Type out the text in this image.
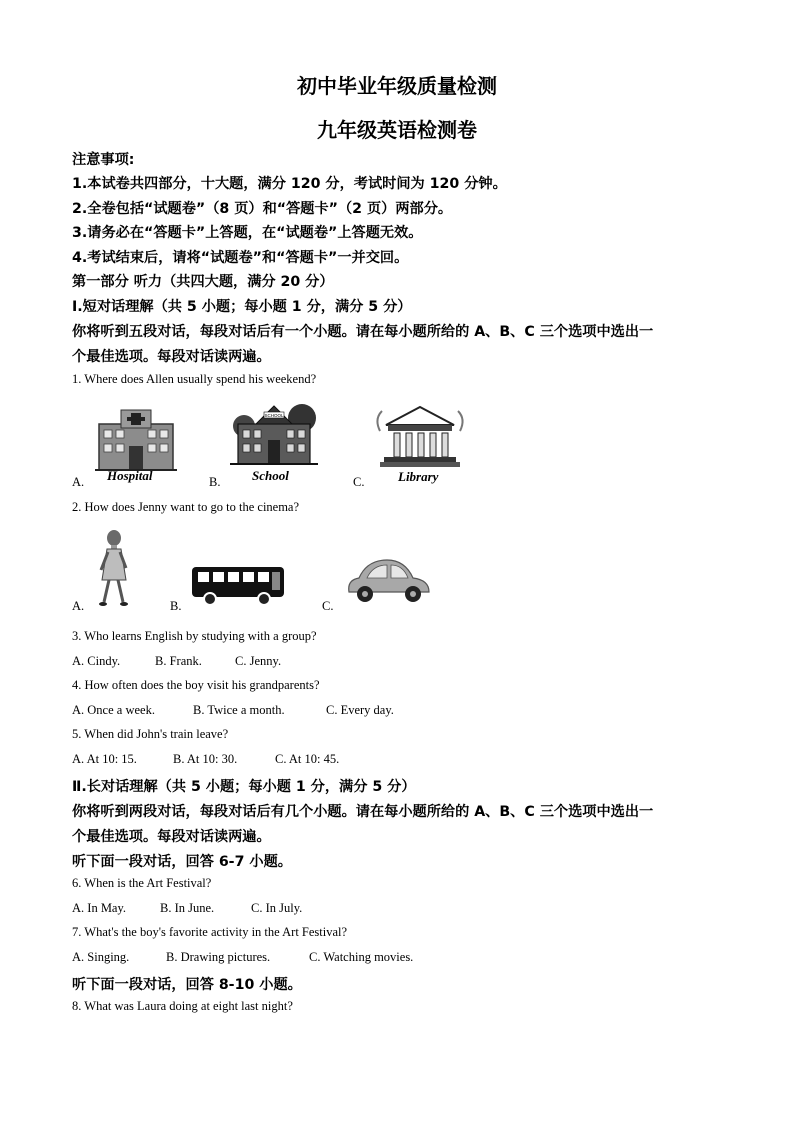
初中毕业年级质量检测
九年级英语检测卷
注意事项:
1.本试卷共四部分，十大题，满分 120 分，考试时间为 120 分钟。
2.全卷包括“试题卷”（8 页）和“答题卡”（2 页）两部分。
3.请务必在“答题卡”上答题，在“试题卷”上答题无效。
4.考试结束后，请将“试题卷”和“答题卡”一并交回。
第一部分 听力（共四大题，满分 20 分）
Ⅰ.短对话理解（共 5 小题；每小题 1 分，满分 5 分）
你将听到五段对话，每段对话后有一个小题。请在每小题所给的 A、B、C 三个选项中选出一
个最佳选项。每段对话读两遍。
1. Where does Allen usually spend his weekend?
Hospital
SCHOOL
School	Library
A.	B.	C.
2. How does Jenny want to go to the cinema?
A.	B.	C.
3. Who learns English by studying with a group?
A. Cindy.	B. Frank.	C. Jenny.
4. How often does the boy visit his grandparents?
A. Once a week.	B. Twice a month.	C. Every day.
5. When did John's train leave?
A. At 10: 15.	B. At 10: 30.	C. At 10: 45.
Ⅱ.长对话理解（共 5 小题；每小题 1 分，满分 5 分）
你将听到两段对话，每段对话后有几个小题。请在每小题所给的 A、B、C 三个选项中选出一
个最佳选项。每段对话读两遍。
听下面一段对话，回答 6-7 小题。
6. When is the Art Festival?
A. In May.	B. In June.	C. In July.
7. What's the boy's favorite activity in the Art Festival?
A. Singing.	B. Drawing pictures.	C. Watching movies.
听下面一段对话，回答 8-10 小题。
8. What was Laura doing at eight last night?
